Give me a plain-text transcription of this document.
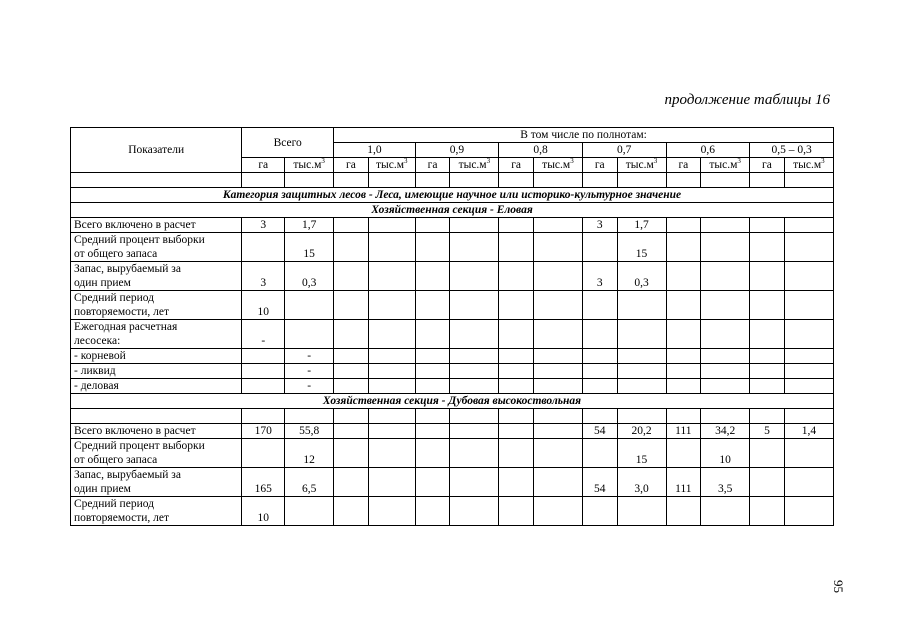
продолжение таблицы 16
Показатели	Всего		В том числе по полнотам:											
			1,0		0,9		0,8		0,7		0,6		0,5 – 0,3	
	га	$тыс.м^3$	га	$тыс.м^3$	га	$тыс.м^3$	га	$тыс.м^3$	га	$тыс.м^3$	га	$тыс.м^3$	га	$тыс.м^3$

Категория защитных лесов - Леса, имеющие научное или историко-культурное значение														
Хозяйственная секция - Еловая														

Всего включено в расчет	3	1,7							3	1,7				

Средний процент выборки
от общего запаса		15								15				

Запас, вырубаемый за
один прием	3	0,3							3	0,3				

Средний период
повторяемости, лет	10													

Ежегодная расчетная
лесосека:	-													

- корневой		-												

- ликвид		-												

- деловая		-												
Хозяйственная секция - Дубовая высокоствольная														

Всего включено в расчет	170	55,8							54	20,2	111	34,2	5	1,4

Средний процент выборки
от общего запаса		12								15		10		

Запас, вырубаемый за
один прием	165	6,5							54	3,0	111	3,5		

Средний период
повторяемости, лет	10													
95
